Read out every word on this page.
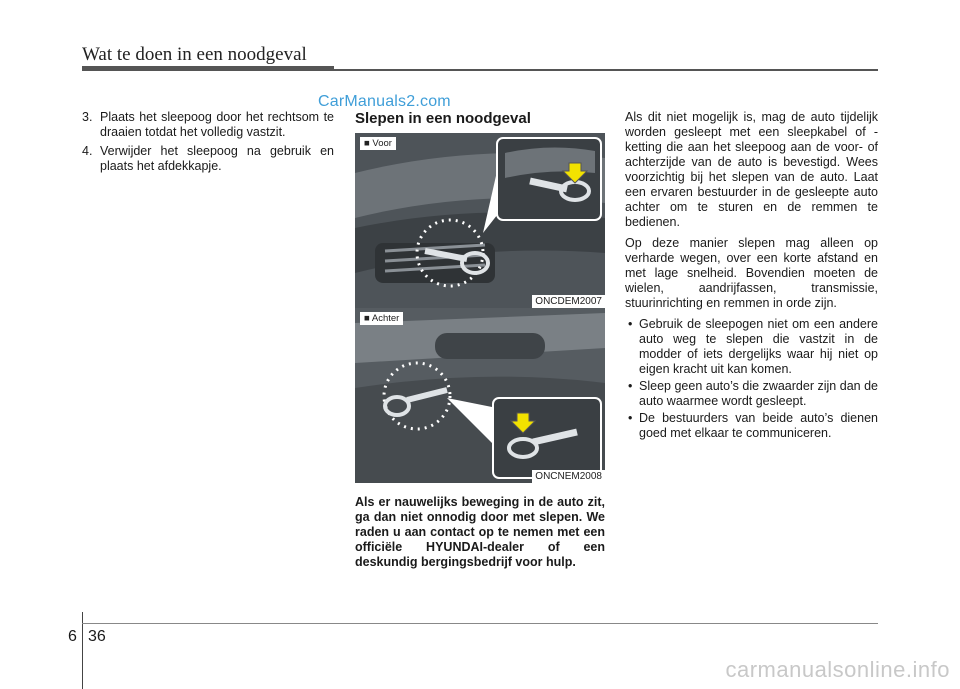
Wat te doen in een noodgeval
CarManuals2.com
3. Plaats het sleepoog door het rechtsom te draaien totdat het volledig vastzit.
4. Verwijder het sleepoog na gebruik en plaats het afdekkapje.
Slepen in een noodgeval
■ Voor
ONCDEM2007
■ Achter
ONCNEM2008
Als er nauwelijks beweging in de auto zit, ga dan niet onnodig door met slepen. We raden u aan contact op te nemen met een officiële HYUNDAI-dealer of een deskundig bergingsbedrijf voor hulp.

Als dit niet mogelijk is, mag de auto tijdelijk worden gesleept met een sleepkabel of -ketting die aan het sleepoog aan de voor- of achterzijde van de auto is bevestigd. Wees voorzichtig bij het slepen van de auto. Laat een ervaren bestuurder in de gesleepte auto achter om te sturen en de remmen te bedienen.

Op deze manier slepen mag alleen op verharde wegen, over een korte afstand en met lage snelheid. Bovendien moeten de wielen, aandrijfassen, transmissie, stuurinrichting en remmen in orde zijn.

• Gebruik de sleepogen niet om een andere auto weg te slepen die vastzit in de modder of iets dergelijks waar hij niet op eigen kracht uit kan komen.
• Sleep geen auto’s die zwaarder zijn dan de auto waarmee wordt gesleept.
• De bestuurders van beide auto’s dienen goed met elkaar te communiceren.
6 36
carmanualsonline.info
